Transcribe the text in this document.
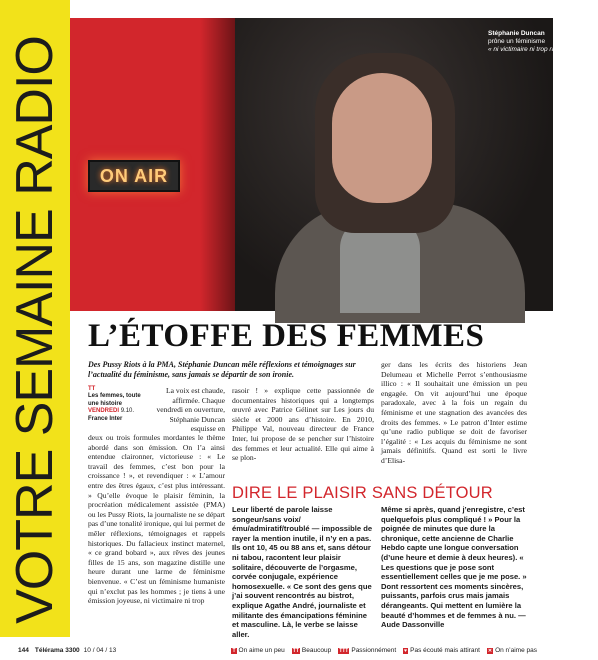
VOTRE SEMAINE RADIO ON AIR
Stéphanie Duncan
prône un féminisme
« ni victimaire ni trop rasoir ».
L’ÉTOFFE DES FEMMES

Des Pussy Riots à la PMA, Stéphanie Duncan mêle réflexions et témoignages sur l’actualité du féminisme, sans jamais se départir de son ironie.

TT
Les femmes, toute une histoire
VENDREDI 9.10.
France Inter

La voix est chaude, affirmée. Chaque vendredi en ouverture, Stéphanie Duncan esquisse en

deux ou trois formules mordantes le thème abordé dans son émission. On l’a ainsi entendue claironner, victorieuse : « Le travail des femmes, c’est bon pour la croissance ! », et revendiquer : « L’amour entre des êtres égaux, c’est plus intéressant. » Qu’elle évoque le plaisir féminin, la procréation médicalement assistée (PMA) ou les Pussy Riots, la journaliste ne se départ pas d’une tonalité ironique, qui lui permet de mêler réflexions, témoignages et rappels historiques. Du fallacieux instinct maternel, « ce grand bobard », aux rêves des jeunes filles de 15 ans, son magazine distille une heure durant une larme de féminisme bienvenue. « C’est un féminisme humaniste qui n’exclut pas les hommes ; je tiens à une émission joyeuse, ni victimaire ni trop

rasoir ! » explique cette passionnée de documentaires historiques qui a longtemps œuvré avec Patrice Gélinet sur Les jours du siècle et 2000 ans d’histoire. En 2010, Philippe Val, nouveau directeur de France Inter, lui propose de se pencher sur l’histoire des femmes et leur actualité. Elle qui aime à se plon-

ger dans les écrits des historiens Jean Delumeau et Michelle Perrot s’enthousiasme illico : « Il souhaitait une émission un peu engagée. On vit aujourd’hui une époque paradoxale, avec à la fois un regain du féminisme et une stagnation des avancées des droits des femmes. » Le patron d’Inter estime qu’une radio publique se doit de favoriser l’égalité : « Les acquis du féminisme ne sont jamais définitifs. Quand est sorti le livre d’Elisa-

DIRE LE PLAISIR SANS DÉTOUR

Leur liberté de parole laisse songeur/sans voix/ému/admiratif/troublé — impossible de rayer la mention inutile, il n’y en a pas. Ils ont 10, 45 ou 88 ans et, sans détour ni tabou, racontent leur plaisir solitaire, découverte de l’orgasme, corvée conjugale, expérience homosexuelle. « Ce sont des gens que j’ai souvent rencontrés au bistrot, explique Agathe André, journaliste et militante des émancipations féminine et masculine. Là, le verbe se laisse aller.

Même si après, quand j’enregistre, c’est quelquefois plus compliqué ! » Pour la poignée de minutes que dure la chronique, cette ancienne de Charlie Hebdo capte une longue conversation (d’une heure et demie à deux heures). « Les questions que je pose sont essentiellement celles que je me pose. » Dont ressortent ces moments sincères, puissants, parfois crus mais jamais dérangeants. Qui mettent en lumière la beauté d’hommes et de femmes à nu. — Aude Dassonville

144 Télérama 3300 10 / 04 / 13	T On aime un peu TT Beaucoup TTT Passionnément ♥ Pas écouté mais attirant ✕ On n’aime pas
